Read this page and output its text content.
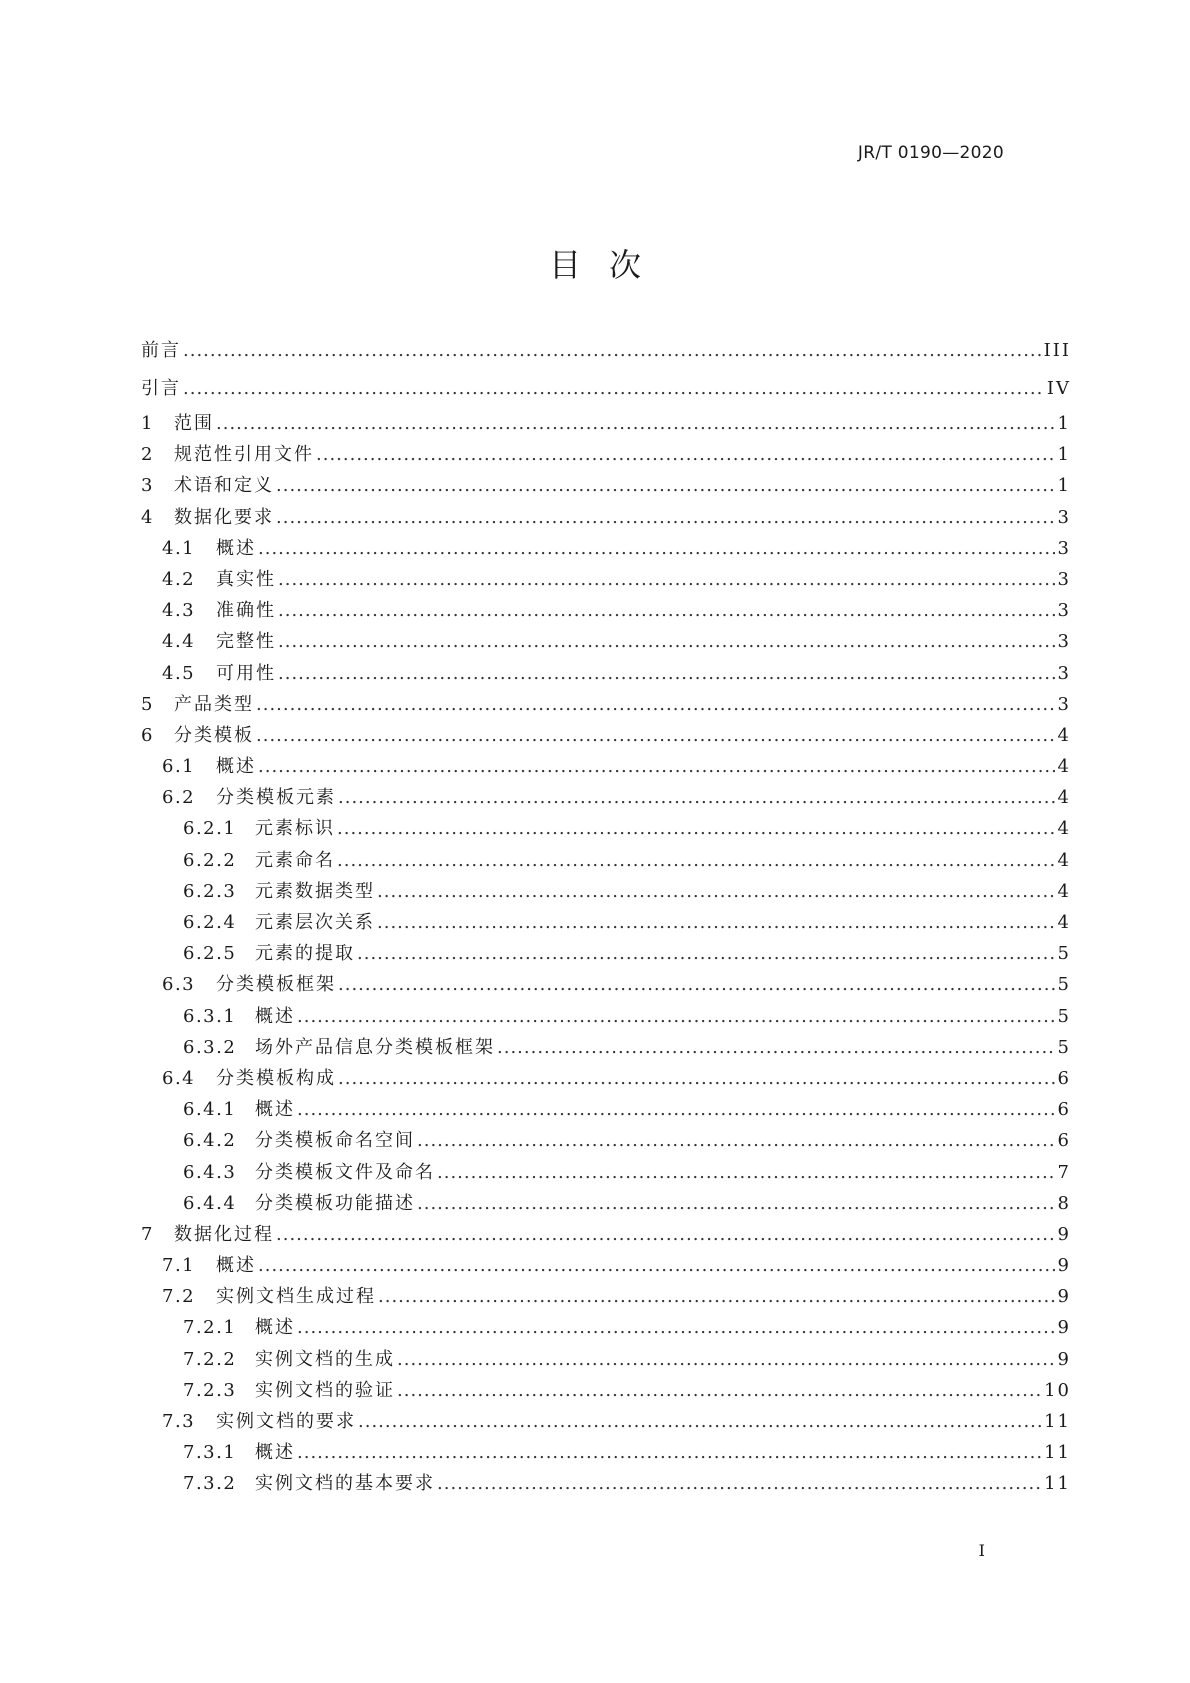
JR/T 0190—2020
目 次
前言 .....	III
引言 .....	IV
1	范围 .....	1
2	规范性引用文件 .....	1
3	术语和定义 .....	1
4	数据化要求 .....	3
4.1	概述 .....	3
4.2	真实性 .....	3
4.3	准确性 .....	3
4.4	完整性 .....	3
4.5	可用性 .....	3
5	产品类型 .....	3
6	分类模板 .....	4
6.1	概述 .....	4
6.2	分类模板元素 .....	4
6.2.1	元素标识 .....	4
6.2.2	元素命名 .....	4
6.2.3	元素数据类型 .....	4
6.2.4	元素层次关系 .....	4
6.2.5	元素的提取 .....	5
6.3	分类模板框架 .....	5
6.3.1	概述 .....	5
6.3.2	场外产品信息分类模板框架 .....	5
6.4	分类模板构成 .....	6
6.4.1	概述 .....	6
6.4.2	分类模板命名空间 .....	6
6.4.3	分类模板文件及命名 .....	7
6.4.4	分类模板功能描述 .....	8
7	数据化过程 .....	9
7.1	概述 .....	9
7.2	实例文档生成过程 .....	9
7.2.1	概述 .....	9
7.2.2	实例文档的生成 .....	9
7.2.3	实例文档的验证 .....	10
7.3	实例文档的要求 .....	11
7.3.1	概述 .....	11
7.3.2	实例文档的基本要求 .....	11
I
